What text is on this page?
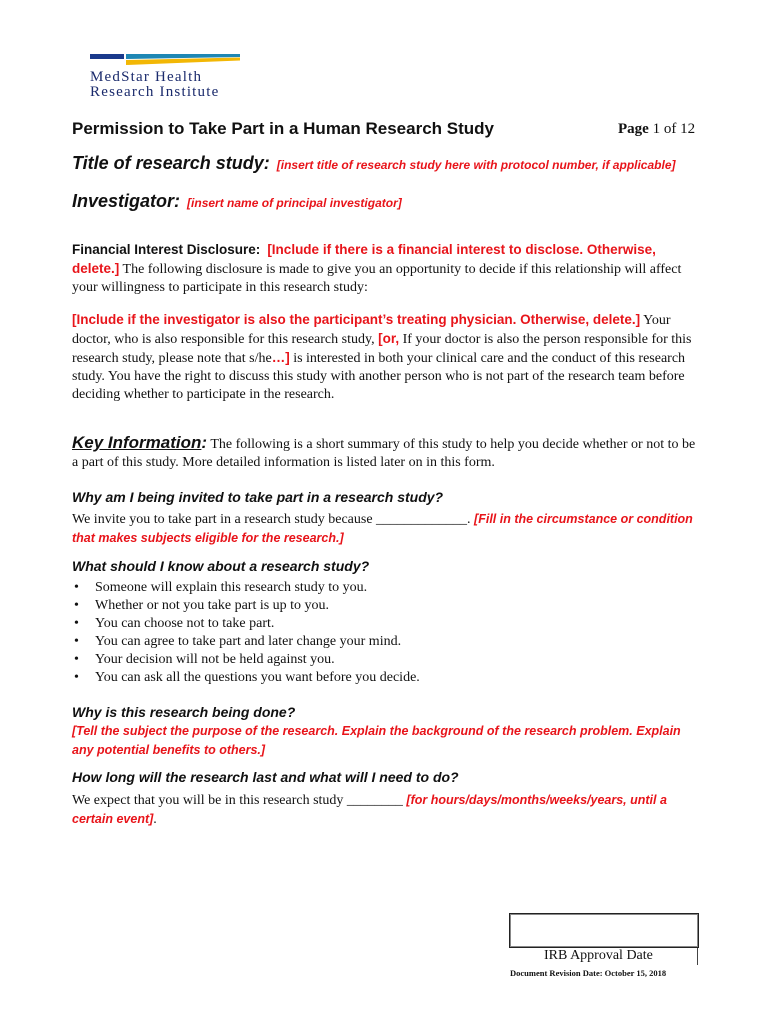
MedStar Health
Research Institute
Permission to Take Part in a Human Research Study	Page 1 of 12
Title of research study: [insert title of research study here with protocol number, if applicable]
Investigator: [insert name of principal investigator]
Financial Interest Disclosure: [Include if there is a financial interest to disclose. Otherwise, delete.] The following disclosure is made to give you an opportunity to decide if this relationship will affect your willingness to participate in this research study:
[Include if the investigator is also the participant’s treating physician. Otherwise, delete.] Your doctor, who is also responsible for this research study, [or, If your doctor is also the person responsible for this research study, please note that s/he…] is interested in both your clinical care and the conduct of this research study. You have the right to discuss this study with another person who is not part of the research team before deciding whether to participate in the research.
Key Information: The following is a short summary of this study to help you decide whether or not to be a part of this study. More detailed information is listed later on in this form.
Why am I being invited to take part in a research study?
We invite you to take part in a research study because _____________. [Fill in the circumstance or condition that makes subjects eligible for the research.]
What should I know about a research study?
• Someone will explain this research study to you.
• Whether or not you take part is up to you.
• You can choose not to take part.
• You can agree to take part and later change your mind.
• Your decision will not be held against you.
• You can ask all the questions you want before you decide.
Why is this research being done?
[Tell the subject the purpose of the research. Explain the background of the research problem. Explain any potential benefits to others.]
How long will the research last and what will I need to do?
We expect that you will be in this research study ________ [for hours/days/months/weeks/years, until a certain event].
IRB Approval Date
Document Revision Date: October 15, 2018
